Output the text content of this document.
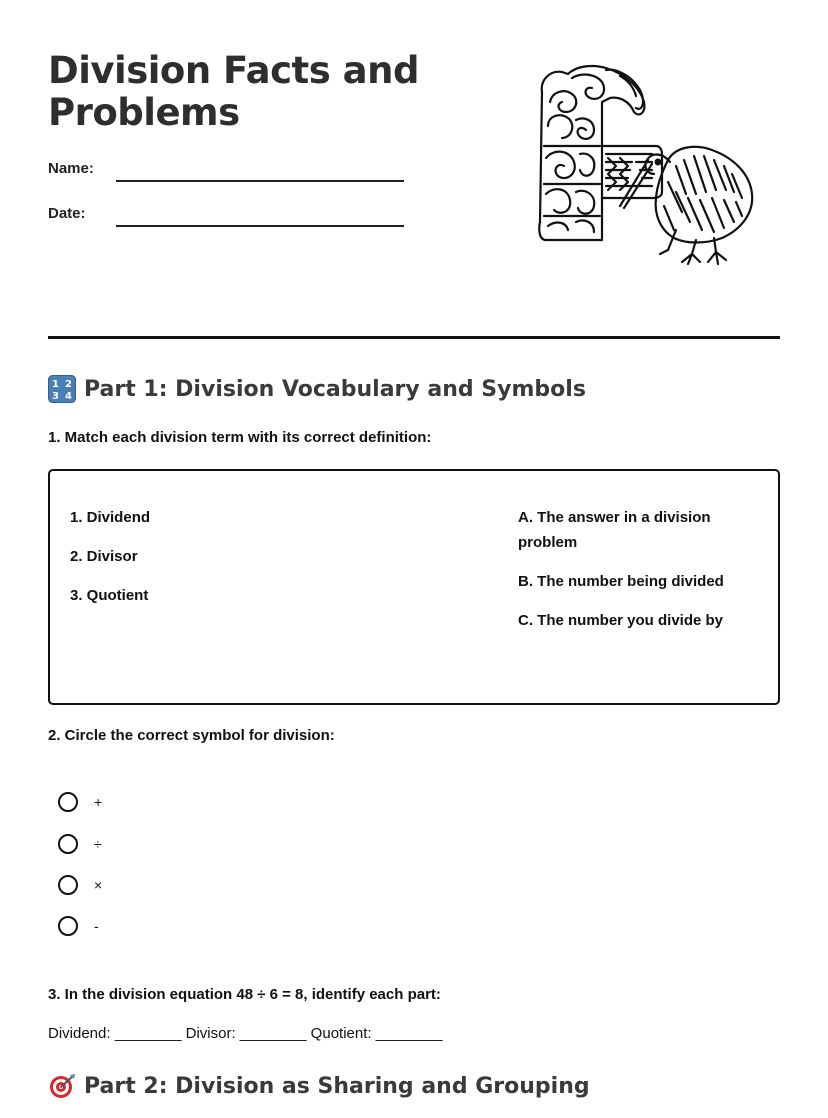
Division Facts and Problems
Name:
Date:
1 2
3 4 Part 1: Division Vocabulary and Symbols
1. Match each division term with its correct definition:
1. Dividend
2. Divisor
3. Quotient
A. The answer in a division problem
B. The number being divided
C. The number you divide by
2. Circle the correct symbol for division:
+
÷
×
-
3. In the division equation 48 ÷ 6 = 8, identify each part:
Dividend: ________ Divisor: ________ Quotient: ________
Part 2: Division as Sharing and Grouping
